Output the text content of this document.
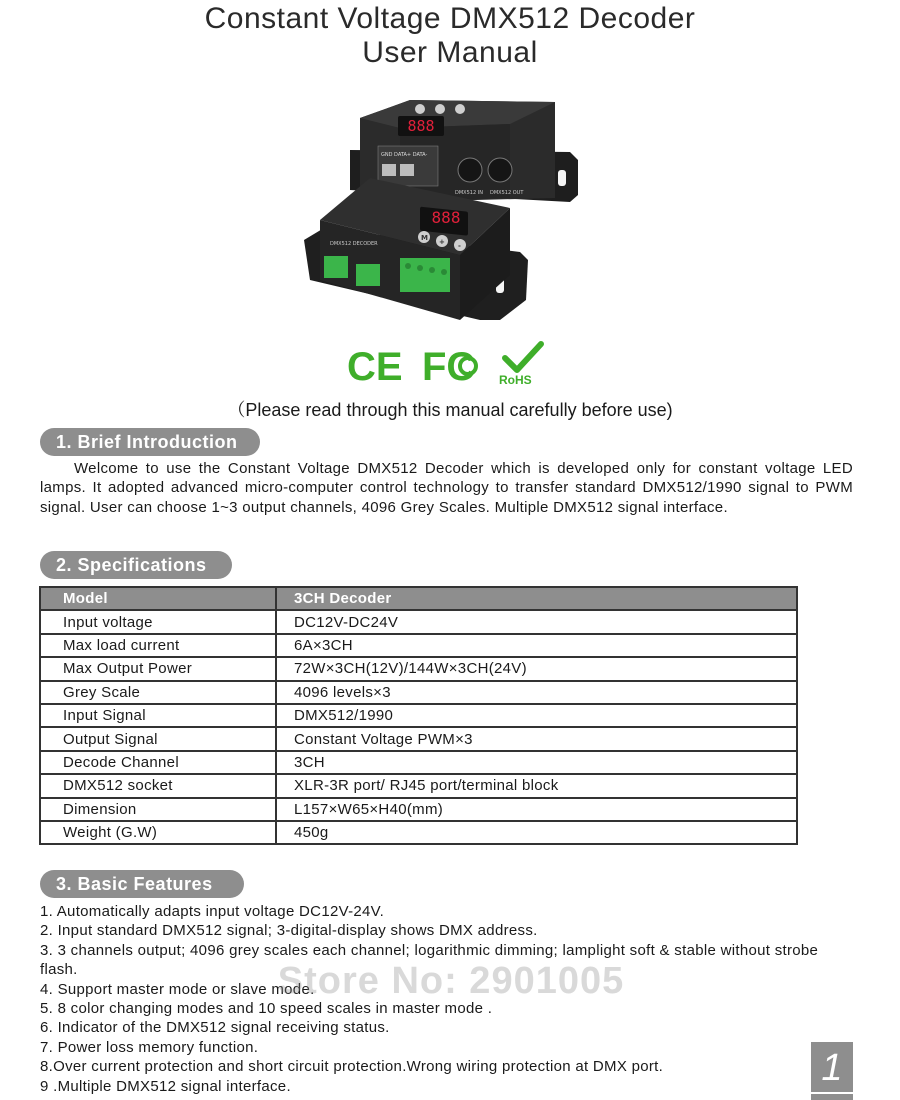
Constant Voltage DMX512 Decoder
User Manual
888
GND DATA+ DATA-
DMX512 IN DMX512 OUT
888
M + -
DMX512 DECODER
CE FC RoHS
（Please read through this manual carefully before use)
1. Brief Introduction

Welcome to use the Constant Voltage DMX512 Decoder which is developed only for constant voltage LED lamps. It adopted advanced micro-computer control technology to transfer standard DMX512/1990 signal to PWM signal. User can choose 1~3 output channels, 4096 Grey Scales. Multiple DMX512 signal interface.

2. Specifications
Model	3CH Decoder
Input voltage	DC12V-DC24V
Max load current	6A×3CH
Max Output Power	72W×3CH(12V)/144W×3CH(24V)
Grey Scale	4096 levels×3
Input Signal	DMX512/1990
Output Signal	Constant Voltage PWM×3
Decode Channel	3CH
DMX512 socket	XLR-3R port/ RJ45 port/terminal block
Dimension	L157×W65×H40(mm)
Weight (G.W)	450g
3. Basic Features
1. Automatically adapts input voltage DC12V-24V.
2. Input standard DMX512 signal; 3-digital-display shows DMX address.
3. 3 channels output; 4096 grey scales each channel; logarithmic dimming; lamplight soft & stable without strobe flash.
4. Support master mode or slave mode.
5. 8 color changing modes and 10 speed scales in master mode .
6. Indicator of the DMX512 signal receiving status.
7. Power loss memory function.
8.Over current protection and short circuit protection.Wrong wiring protection at DMX port.
9 .Multiple DMX512 signal interface.
Store No: 2901005
1
